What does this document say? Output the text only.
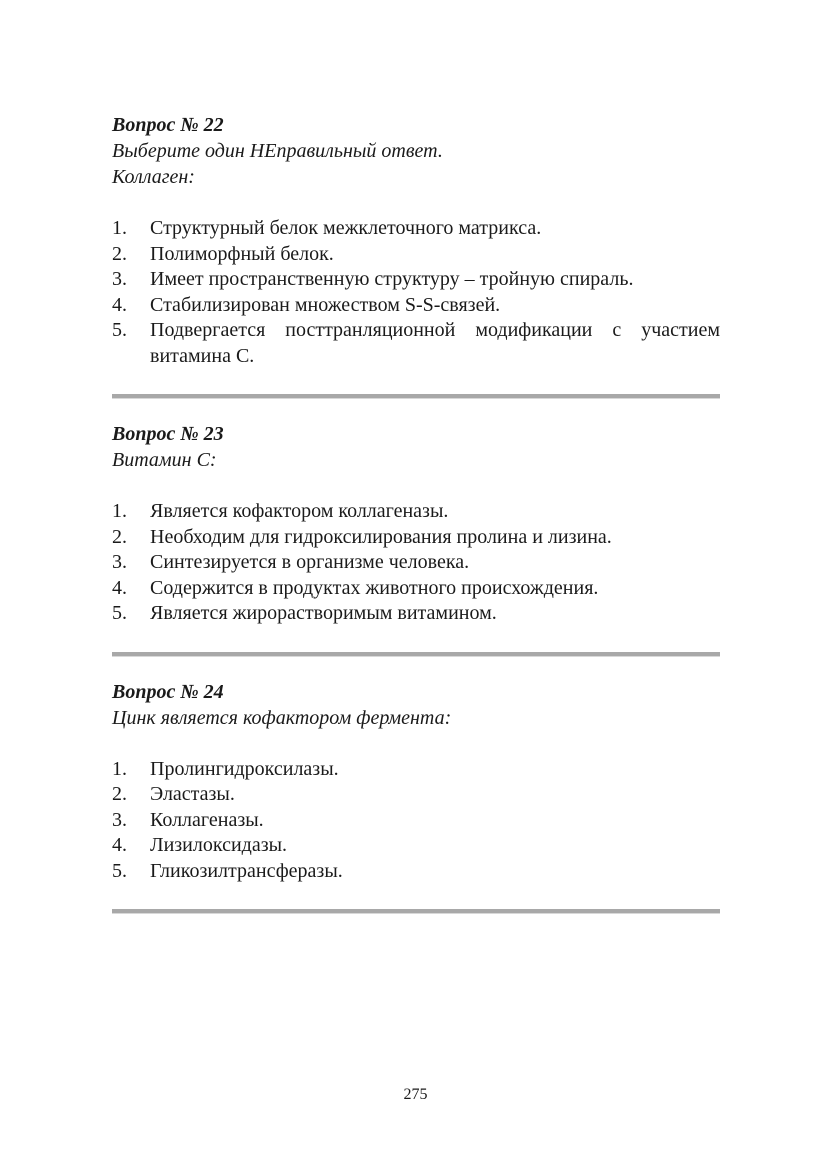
Вопрос № 22

Выберите один НЕправильный ответ.

Коллаген:

1.	Структурный белок межклеточного матрикса.
2.	Полиморфный белок.
3.	Имеет пространственную структуру – тройную спираль.
4.	Стабилизирован множеством S-S-связей.
5.	Подвергается посттранляционной модификации с участием витамина С.

Вопрос № 23

Витамин С:

1.	Является кофактором коллагеназы.
2.	Необходим для гидроксилирования пролина и лизина.
3.	Синтезируется в организме человека.
4.	Содержится в продуктах животного происхождения.
5.	Является жирорастворимым витамином.

Вопрос № 24

Цинк является кофактором фермента:

1.	Пролингидроксилазы.
2.	Эластазы.
3.	Коллагеназы.
4.	Лизилоксидазы.
5.	Гликозилтрансферазы.
275
